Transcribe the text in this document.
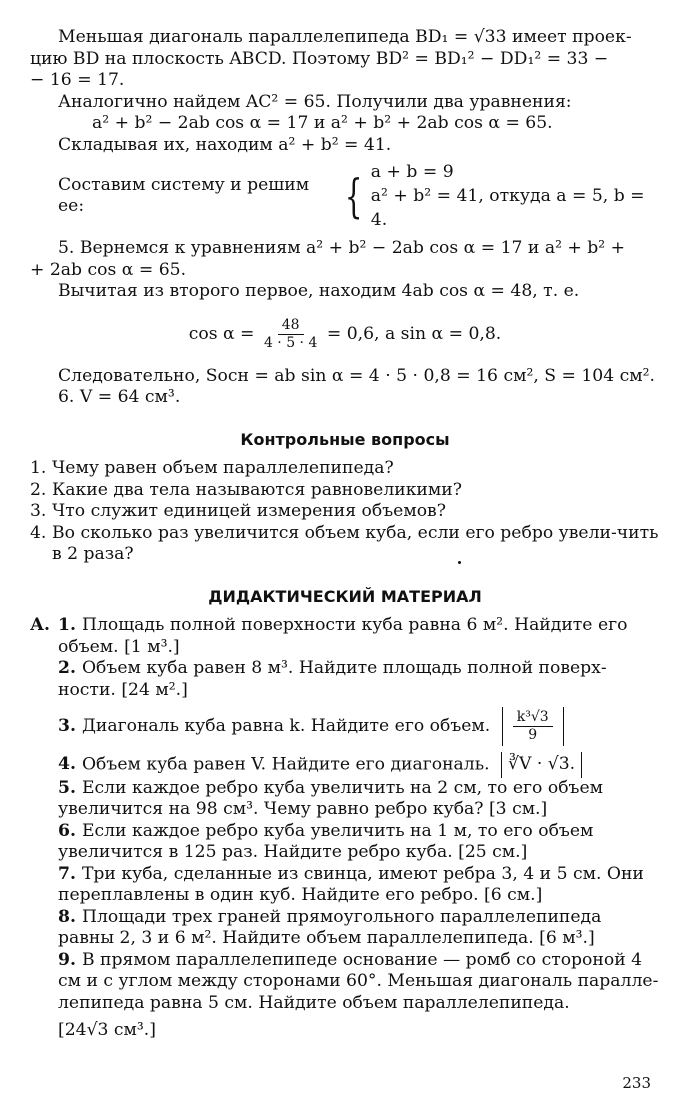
Меньшая диагональ параллелепипеда BD₁ = √33 имеет проек-

цию BD на плоскость ABCD. Поэтому BD² = BD₁² − DD₁² = 33 −

− 16 = 17.

Аналогично найдем AC² = 65. Получили два уравнения:

a² + b² − 2ab cos α = 17 и a² + b² + 2ab cos α = 65.

Складывая их, находим a² + b² = 41.

Составим систему и решим ее:	{ a + b = 9
a² + b² = 41, откуда a = 5, b = 4.

5. Вернемся к уравнениям a² + b² − 2ab cos α = 17 и a² + b² +

+ 2ab cos α = 65.

Вычитая из второго первое, находим 4ab cos α = 48, т. е.

$\cos \alpha = \frac{48}{4 \cdot 5 \cdot 4} = 0,6$, а sin α = 0,8.

Следовательно, Sосн = ab sin α = 4 · 5 · 0,8 = 16 см², S = 104 см².

6. V = 64 см³.

Контрольные вопросы
1. Чему равен объем параллелепипеда?
2. Какие два тела называются равновеликими?
3. Что служит единицей измерения объемов?
4. Во сколько раз увеличится объем куба, если его ребро увели-чить в 2 раза?
ДИДАКТИЧЕСКИЙ МАТЕРИАЛ
А. 1. Площадь полной поверхности куба равна 6 м². Найдите его объем. [1 м³.]

2. Объем куба равен 8 м³. Найдите площадь полной поверх-ности. [24 м².]

3. Диагональ куба равна k. Найдите его объем. $\frac{\text{k³√3}}{9}$

4. Объем куба равен V. Найдите его диагональ. ∛V · √3.

5. Если каждое ребро куба увеличить на 2 см, то его объем увеличится на 98 см³. Чему равно ребро куба? [3 см.]

6. Если каждое ребро куба увеличить на 1 м, то его объем увеличится в 125 раз. Найдите ребро куба. [25 см.]

7. Три куба, сделанные из свинца, имеют ребра 3, 4 и 5 см. Они переплавлены в один куб. Найдите его ребро. [6 см.]

8. Площади трех граней прямоугольного параллелепипеда равны 2, 3 и 6 м². Найдите объем параллелепипеда. [6 м³.]

9. В прямом параллелепипеде основание — ромб со стороной 4 см и с углом между сторонами 60°. Меньшая диагональ паралле-лепипеда равна 5 см. Найдите объем параллелепипеда.

[24√3 см³.]

233
